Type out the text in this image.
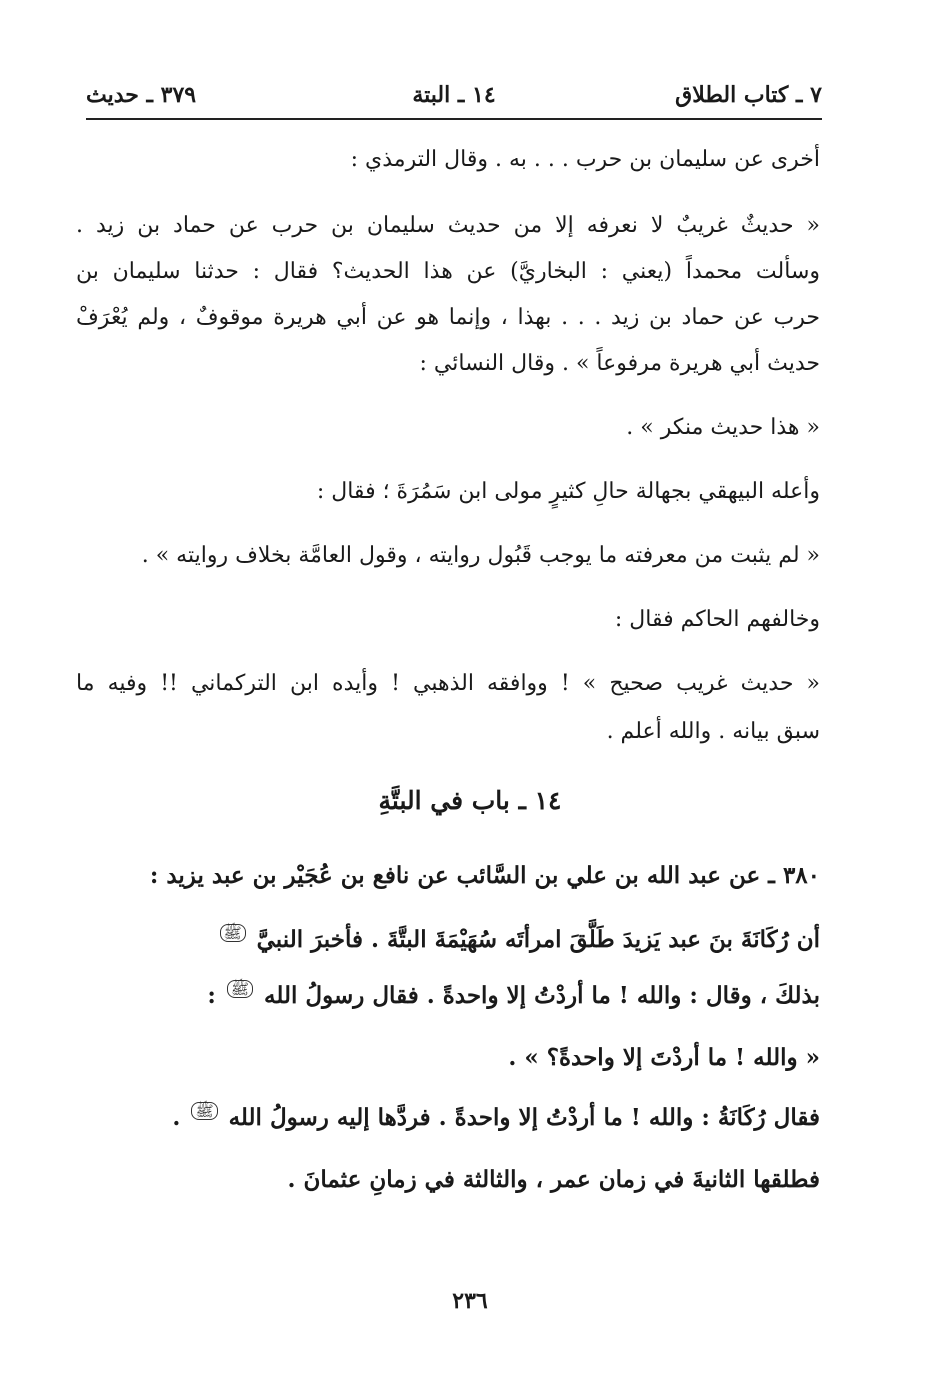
٧ ـ كتاب الطلاق
١٤ ـ البتة
٣٧٩ ـ حديث
أخرى عن سليمان بن حرب . . . به . وقال الترمذي :
« حديثٌ غريبٌ لا نعرفه إلا من حديث سليمان بن حرب عن حماد بن زيد .
وسألت محمداً (يعني : البخاريَّ) عن هذا الحديث؟ فقال : حدثنا سليمان بن
حرب عن حماد بن زيد . . . بهذا ، وإنما هو عن أبي هريرة موقوفٌ ، ولم يُعْرَفْ
حديث أبي هريرة مرفوعاً » . وقال النسائي :
« هذا حديث منكر » .
وأعله البيهقي بجهالة حالِ كثيرٍ مولى ابن سَمُرَةَ ؛ فقال :
« لم يثبت من معرفته ما يوجب قَبُول روايته ، وقول العامَّة بخلاف روايته » .
وخالفهم الحاكم فقال :
« حديث غريب صحيح » ! ووافقه الذهبي ! وأيده ابن التركماني !! وفيه ما
سبق بيانه . والله أعلم .
١٤ ـ باب في البتَّةِ
٣٨٠ ـ عن عبد الله بن علي بن السَّائب عن نافع بن عُجَيْر بن عبد يزيد :
أن رُكَانَةَ بنَ عبد يَزيدَ طَلَّقَ امرأتَه سُهَيْمَةَ البتَّةَ . فأخبرَ النبيَّ ﷺ
بذلكَ ، وقال : والله ! ما أردْتُ إلا واحدةً . فقال رسولُ الله ﷺ :
« والله ! ما أردْتَ إلا واحدةً؟ » .
فقال رُكَانَةُ : والله ! ما أردْتُ إلا واحدةً . فردَّها إليه رسولُ الله ﷺ .
فطلقها الثانيةَ في زمان عمر ، والثالثة في زمانِ عثمانَ .
٢٣٦
